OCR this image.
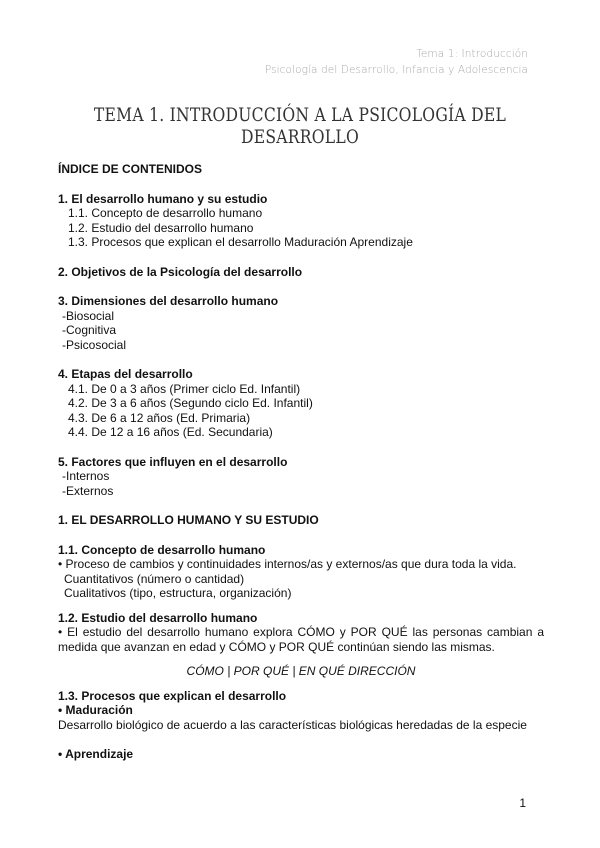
Tema 1: Introducción
Psicología del Desarrollo, Infancia y Adolescencia
TEMA 1. INTRODUCCIÓN A LA PSICOLOGÍA DEL DESARROLLO
ÍNDICE DE CONTENIDOS
1. El desarrollo humano y su estudio
1.1. Concepto de desarrollo humano
1.2. Estudio del desarrollo humano
1.3. Procesos que explican el desarrollo Maduración Aprendizaje
2. Objetivos de la Psicología del desarrollo
3. Dimensiones del desarrollo humano
-Biosocial
-Cognitiva
-Psicosocial
4. Etapas del desarrollo
4.1. De 0 a 3 años (Primer ciclo Ed. Infantil)
4.2. De 3 a 6 años (Segundo ciclo Ed. Infantil)
4.3. De 6 a 12 años (Ed. Primaria)
4.4. De 12 a 16 años (Ed. Secundaria)
5. Factores que influyen en el desarrollo
-Internos
-Externos
1. EL DESARROLLO HUMANO Y SU ESTUDIO
1.1. Concepto de desarrollo humano
• Proceso de cambios y continuidades internos/as y externos/as que dura toda la vida.
Cuantitativos (número o cantidad)
Cualitativos (tipo, estructura, organización)
1.2. Estudio del desarrollo humano
• El estudio del desarrollo humano explora CÓMO y POR QUÉ las personas cambian a
medida que avanzan en edad y CÓMO y POR QUÉ continúan siendo las mismas.
CÓMO | POR QUÉ | EN QUÉ DIRECCIÓN
1.3. Procesos que explican el desarrollo
• Maduración
Desarrollo biológico de acuerdo a las características biológicas heredadas de la especie
• Aprendizaje
1
